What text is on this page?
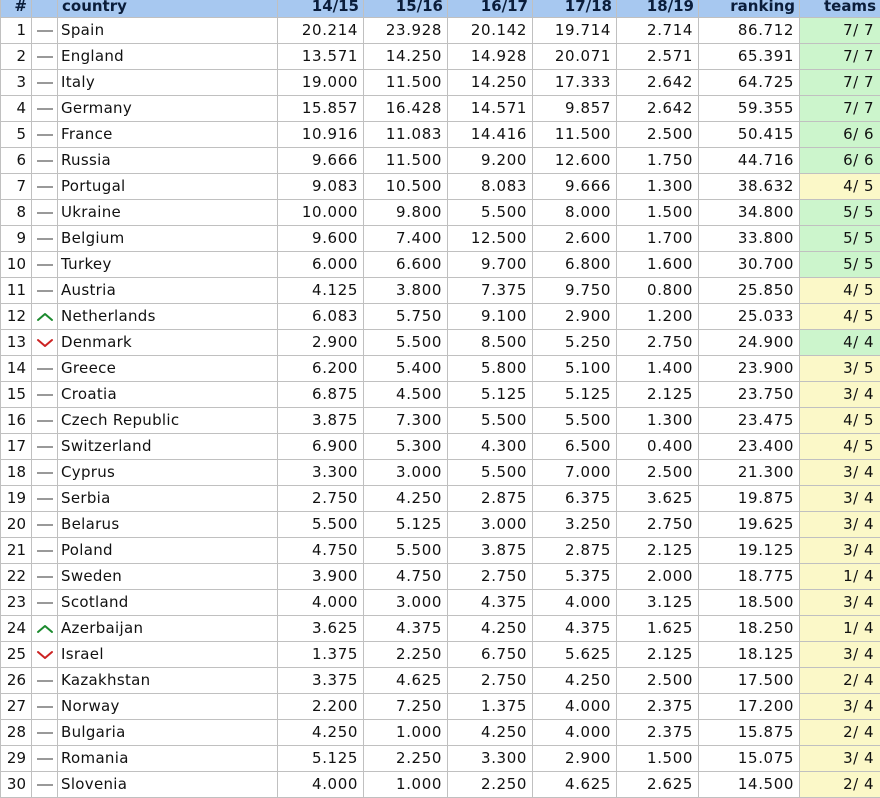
#		country	14/15	15/16	16/17	17/18	18/19	ranking	teams
1		Spain	20.214	23.928	20.142	19.714	2.714	86.712	7/ 7
2		England	13.571	14.250	14.928	20.071	2.571	65.391	7/ 7
3		Italy	19.000	11.500	14.250	17.333	2.642	64.725	7/ 7
4		Germany	15.857	16.428	14.571	9.857	2.642	59.355	7/ 7
5		France	10.916	11.083	14.416	11.500	2.500	50.415	6/ 6
6		Russia	9.666	11.500	9.200	12.600	1.750	44.716	6/ 6
7		Portugal	9.083	10.500	8.083	9.666	1.300	38.632	4/ 5
8		Ukraine	10.000	9.800	5.500	8.000	1.500	34.800	5/ 5
9		Belgium	9.600	7.400	12.500	2.600	1.700	33.800	5/ 5
10		Turkey	6.000	6.600	9.700	6.800	1.600	30.700	5/ 5
11		Austria	4.125	3.800	7.375	9.750	0.800	25.850	4/ 5
12		Netherlands	6.083	5.750	9.100	2.900	1.200	25.033	4/ 5
13		Denmark	2.900	5.500	8.500	5.250	2.750	24.900	4/ 4
14		Greece	6.200	5.400	5.800	5.100	1.400	23.900	3/ 5
15		Croatia	6.875	4.500	5.125	5.125	2.125	23.750	3/ 4
16		Czech Republic	3.875	7.300	5.500	5.500	1.300	23.475	4/ 5
17		Switzerland	6.900	5.300	4.300	6.500	0.400	23.400	4/ 5
18		Cyprus	3.300	3.000	5.500	7.000	2.500	21.300	3/ 4
19		Serbia	2.750	4.250	2.875	6.375	3.625	19.875	3/ 4
20		Belarus	5.500	5.125	3.000	3.250	2.750	19.625	3/ 4
21		Poland	4.750	5.500	3.875	2.875	2.125	19.125	3/ 4
22		Sweden	3.900	4.750	2.750	5.375	2.000	18.775	1/ 4
23		Scotland	4.000	3.000	4.375	4.000	3.125	18.500	3/ 4
24		Azerbaijan	3.625	4.375	4.250	4.375	1.625	18.250	1/ 4
25		Israel	1.375	2.250	6.750	5.625	2.125	18.125	3/ 4
26		Kazakhstan	3.375	4.625	2.750	4.250	2.500	17.500	2/ 4
27		Norway	2.200	7.250	1.375	4.000	2.375	17.200	3/ 4
28		Bulgaria	4.250	1.000	4.250	4.000	2.375	15.875	2/ 4
29		Romania	5.125	2.250	3.300	2.900	1.500	15.075	3/ 4
30		Slovenia	4.000	1.000	2.250	4.625	2.625	14.500	2/ 4
